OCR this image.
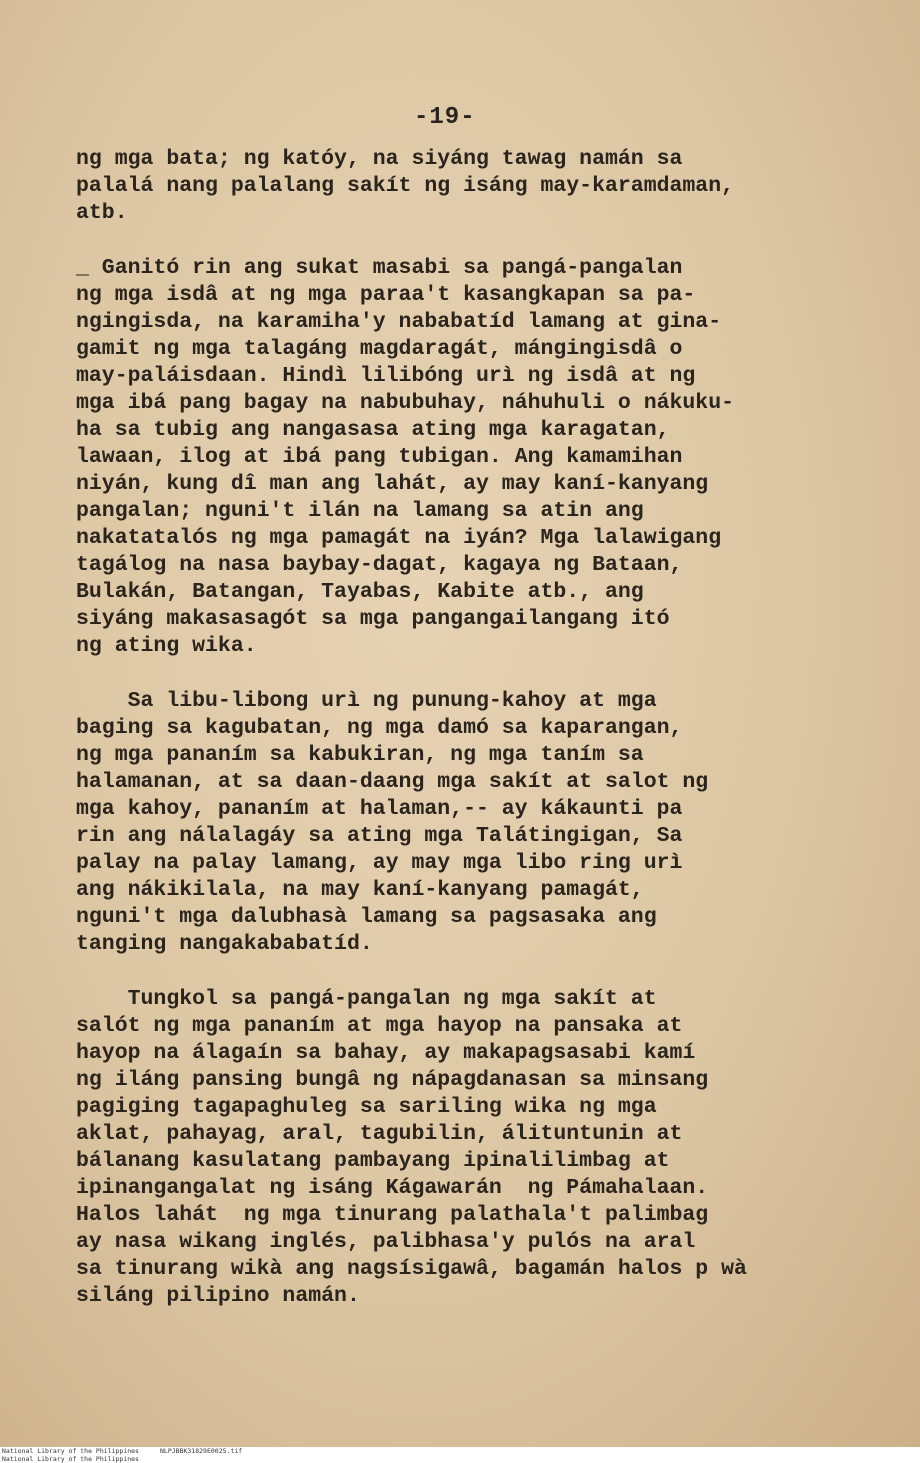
-19-
ng mga bata; ng katóy, na siyáng tawag namán sa
palalá nang palalang sakít ng isáng may-karamdaman,
atb.
_ Ganitó rin ang sukat masabi sa pangá-pangalan
ng mga isdâ at ng mga paraa't kasangkapan sa pa-
ngingisda, na karamiha'y nababatíd lamang at gina-
gamit ng mga talagáng magdaragát, mángingisdâ o
may-paláisdaan. Hindì lilibóng urì ng isdâ at ng
mga ibá pang bagay na nabubuhay, náhuhuli o nákuku-
ha sa tubig ang nangasasa ating mga karagatan,
lawaan, ilog at ibá pang tubigan. Ang kamamihan
niyán, kung dî man ang lahát, ay may kaní-kanyang
pangalan; nguni't ilán na lamang sa atin ang
nakatatalós ng mga pamagát na iyán? Mga lalawigang
tagálog na nasa baybay-dagat, kagaya ng Bataan,
Bulakán, Batangan, Tayabas, Kabite atb., ang
siyáng makasasagót sa mga pangangailangang itó
ng ating wika.
Sa libu-libong urì ng punung-kahoy at mga
baging sa kagubatan, ng mga damó sa kaparangan,
ng mga pananím sa kabukiran, ng mga taním sa
halamanan, at sa daan-daang mga sakít at salot ng
mga kahoy, pananím at halaman,-- ay kákaunti pa
rin ang nálalagáy sa ating mga Talátingigan, Sa
palay na palay lamang, ay may mga libo ring urì
ang nákikilala, na may kaní-kanyang pamagát,
nguni't mga dalubhasà lamang sa pagsasaka ang
tanging nangakababatíd.
Tungkol sa pangá-pangalan ng mga sakít at
salót ng mga pananím at mga hayop na pansaka at
hayop na álagaín sa bahay, ay makapagsasabi kamí
ng iláng pansing bungâ ng nápagdanasan sa minsang
pagiging tagapaghuleg sa sariling wika ng mga
aklat, pahayag, aral, tagubilin, álituntunin at
bálanang kasulatang pambayang ipinalilimbag at
ipinangangalat ng isáng Kágawarán  ng Pámahalaan.
Halos lahát  ng mga tinurang palathala't palimbag
ay nasa wikang inglés, palibhasa'y pulós na aral
sa tinurang wikà ang nagsísigawâ, bagamán halos p wà
siláng pilipino namán.
National Library of the Philippines
National Library of the Philippines
NLPJBBK31829E0025.tif
